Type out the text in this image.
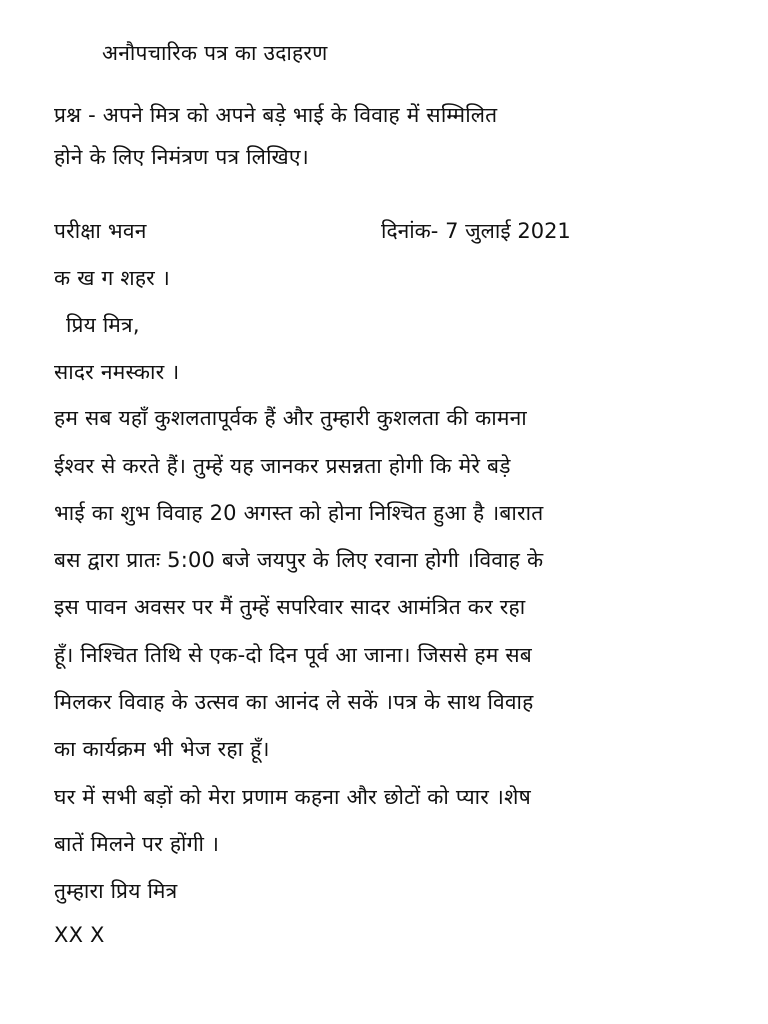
अनौपचारिक पत्र का उदाहरण
प्रश्न - अपने मित्र को अपने बड़े भाई के विवाह में सम्मिलित
होने के लिए निमंत्रण पत्र लिखिए।
परीक्षा भवन	दिनांक- 7 जुलाई 2021
क ख ग शहर ।
प्रिय मित्र,
सादर नमस्कार ।
हम सब यहाँ कुशलतापूर्वक हैं और तुम्हारी कुशलता की कामना
ईश्वर से करते हैं। तुम्हें यह जानकर प्रसन्नता होगी कि मेरे बड़े
भाई का शुभ विवाह 20 अगस्त को होना निश्चित हुआ है ।बारात
बस द्वारा प्रातः 5:00 बजे जयपुर के लिए रवाना होगी ।विवाह के
इस पावन अवसर पर मैं तुम्हें सपरिवार सादर आमंत्रित कर रहा
हूँ। निश्चित तिथि से एक-दो दिन पूर्व आ जाना। जिससे हम सब
मिलकर विवाह के उत्सव का आनंद ले सकें ।पत्र के साथ विवाह
का कार्यक्रम भी भेज रहा हूँ।
घर में सभी बड़ों को मेरा प्रणाम कहना और छोटों को प्यार ।शेष
बातें मिलने पर होंगी ।
तुम्हारा प्रिय मित्र
XX X
